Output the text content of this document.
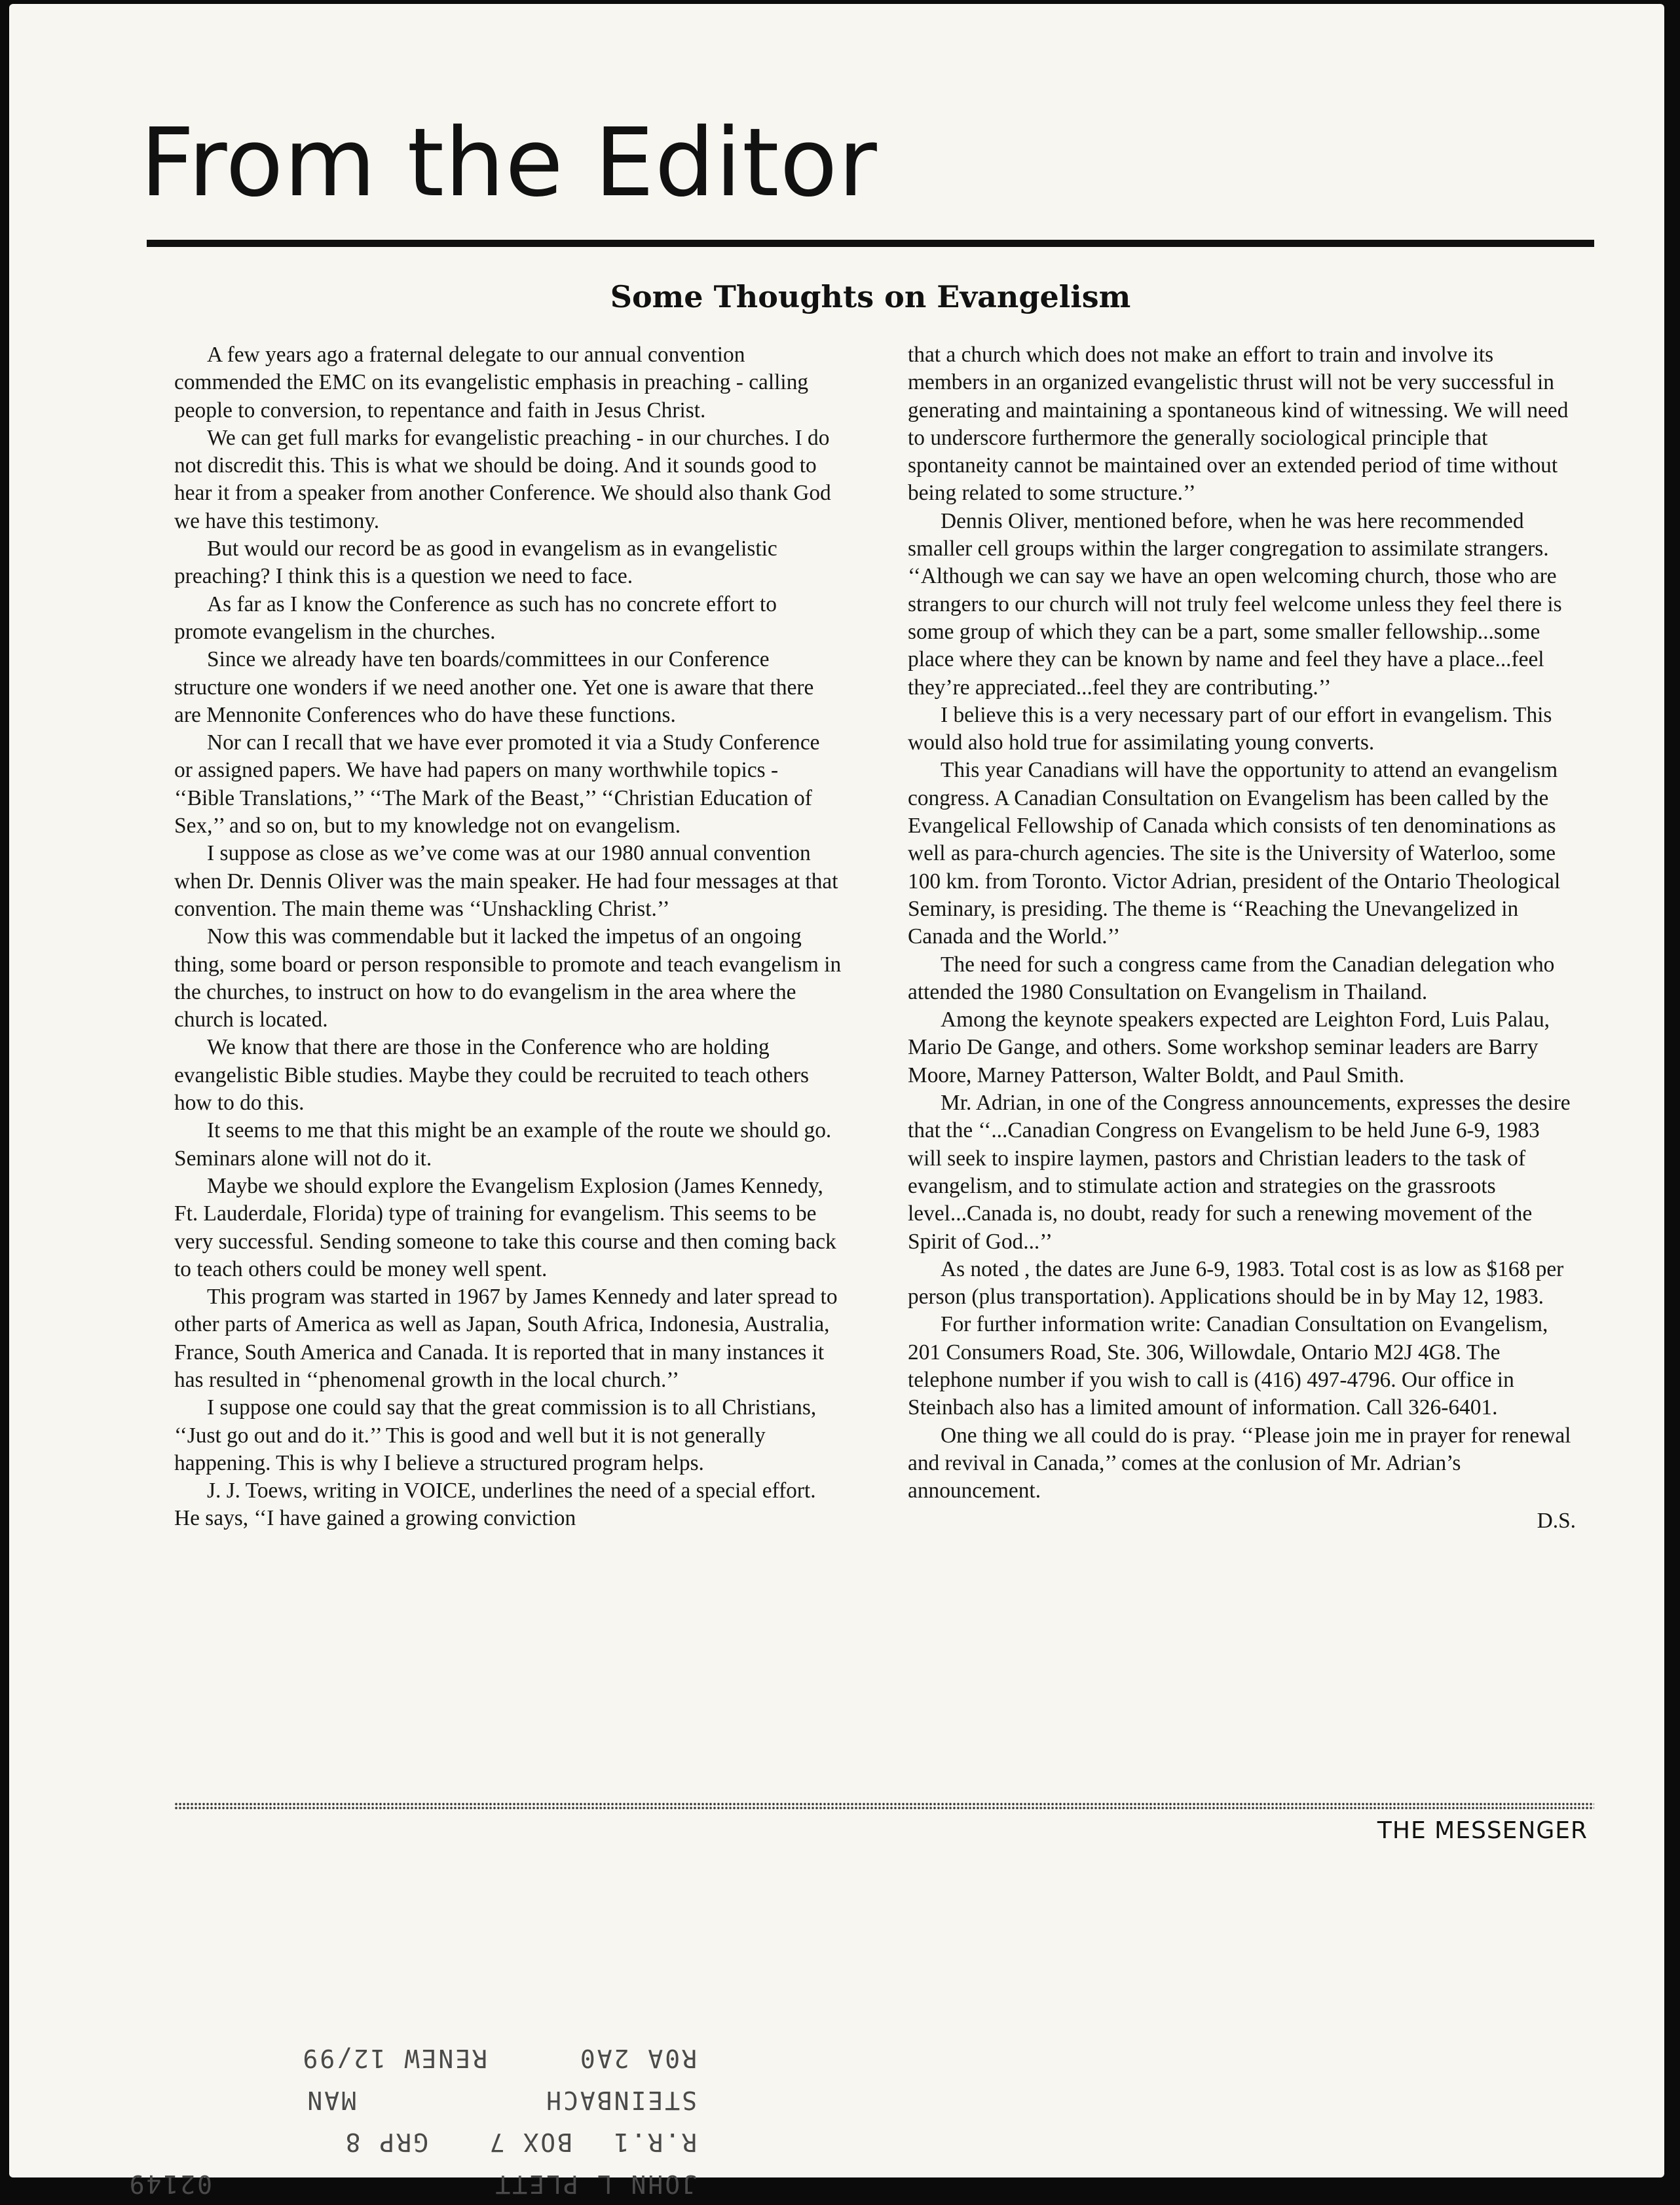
From the Editor
Some Thoughts on Evangelism

A few years ago a fraternal delegate to our annual convention commended the EMC on its evangelistic emphasis in preaching - calling people to conversion, to repentance and faith in Jesus Christ.

We can get full marks for evangelistic preaching - in our churches. I do not discredit this. This is what we should be doing. And it sounds good to hear it from a speaker from another Conference. We should also thank God we have this testimony.

But would our record be as good in evangelism as in evangelistic preaching? I think this is a question we need to face.

As far as I know the Conference as such has no concrete effort to promote evangelism in the churches.

Since we already have ten boards/committees in our Conference structure one wonders if we need another one. Yet one is aware that there are Mennonite Conferences who do have these functions.

Nor can I recall that we have ever promoted it via a Study Conference or assigned papers. We have had papers on many worthwhile topics - ‘‘Bible Translations,’’ ‘‘The Mark of the Beast,’’ ‘‘Christian Education of Sex,’’ and so on, but to my knowledge not on evangelism.

I suppose as close as we’ve come was at our 1980 annual convention when Dr. Dennis Oliver was the main speaker. He had four messages at that convention. The main theme was ‘‘Unshackling Christ.’’

Now this was commendable but it lacked the impetus of an ongoing thing, some board or person responsible to promote and teach evangelism in the churches, to instruct on how to do evangelism in the area where the church is located.

We know that there are those in the Conference who are holding evangelistic Bible studies. Maybe they could be recruited to teach others how to do this.

It seems to me that this might be an example of the route we should go. Seminars alone will not do it.

Maybe we should explore the Evangelism Explosion (James Kennedy, Ft. Lauderdale, Florida) type of training for evangelism. This seems to be very successful. Sending someone to take this course and then coming back to teach others could be money well spent.

This program was started in 1967 by James Kennedy and later spread to other parts of America as well as Japan, South Africa, Indonesia, Australia, France, South America and Canada. It is reported that in many instances it has resulted in ‘‘phenomenal growth in the local church.’’

I suppose one could say that the great commission is to all Christians, ‘‘Just go out and do it.’’ This is good and well but it is not generally happening. This is why I believe a structured program helps.

J. J. Toews, writing in VOICE, underlines the need of a special effort. He says, ‘‘I have gained a growing conviction

that a church which does not make an effort to train and involve its members in an organized evangelistic thrust will not be very successful in generating and maintaining a spontaneous kind of witnessing. We will need to underscore furthermore the generally sociological principle that spontaneity cannot be maintained over an extended period of time without being related to some structure.’’

Dennis Oliver, mentioned before, when he was here recommended smaller cell groups within the larger congregation to assimilate strangers. ‘‘Although we can say we have an open welcoming church, those who are strangers to our church will not truly feel welcome unless they feel there is some group of which they can be a part, some smaller fellowship...some place where they can be known by name and feel they have a place...feel they’re appreciated...feel they are contributing.’’

I believe this is a very necessary part of our effort in evangelism. This would also hold true for assimilating young converts.

This year Canadians will have the opportunity to attend an evangelism congress. A Canadian Consultation on Evangelism has been called by the Evangelical Fellowship of Canada which consists of ten denominations as well as para-church agencies. The site is the University of Waterloo, some 100 km. from Toronto. Victor Adrian, president of the Ontario Theological Seminary, is presiding. The theme is ‘‘Reaching the Unevangelized in Canada and the World.’’

The need for such a congress came from the Canadian delegation who attended the 1980 Consultation on Evangelism in Thailand.

Among the keynote speakers expected are Leighton Ford, Luis Palau, Mario De Gange, and others. Some workshop seminar leaders are Barry Moore, Marney Patterson, Walter Boldt, and Paul Smith.

Mr. Adrian, in one of the Congress announcements, expresses the desire that the ‘‘...Canadian Congress on Evangelism to be held June 6-9, 1983 will seek to inspire laymen, pastors and Christian leaders to the task of evangelism, and to stimulate action and strategies on the grassroots level...Canada is, no doubt, ready for such a renewing movement of the Spirit of God...’’

As noted , the dates are June 6-9, 1983. Total cost is as low as $168 per person (plus transportation). Applications should be in by May 12, 1983.

For further information write: Canadian Consultation on Evangelism, 201 Consumers Road, Ste. 306, Willowdale, Ontario M2J 4G8. The telephone number if you wish to call is (416) 497-4796. Our office in Steinbach also has a limited amount of information. Call 326-6401.

One thing we all could do is pray. ‘‘Please join me in prayer for renewal and revival in Canada,’’ comes at the conlusion of Mr. Adrian’s announcement.

D.S.

THE MESSENGER

JOHN L PLETT

02149

R.R.1

BOX 7

GRP 8

STEINBACH

MAN

R0A 2A0

RENEW 12/99
